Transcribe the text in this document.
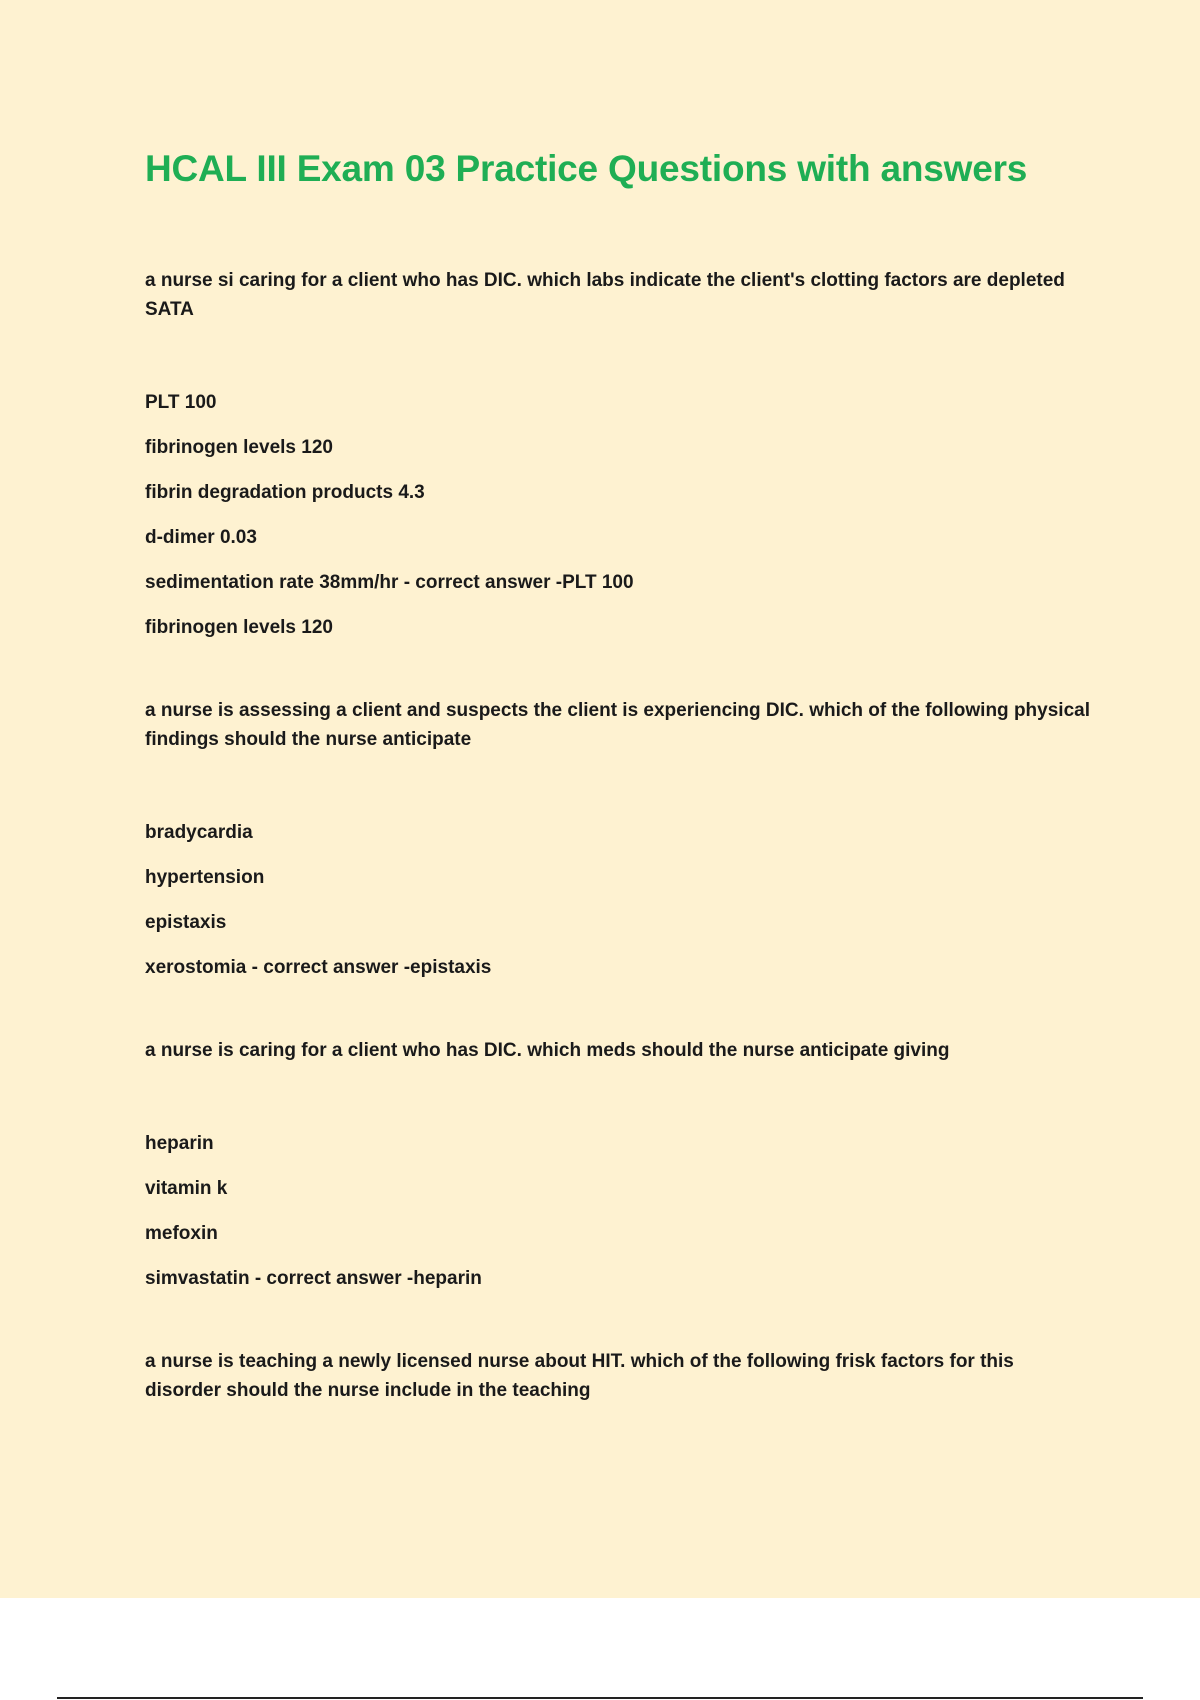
HCAL III Exam 03 Practice Questions with answers

a nurse si caring for a client who has DIC. which labs indicate the client's clotting factors are depleted SATA

PLT 100

fibrinogen levels 120

fibrin degradation products 4.3

d-dimer 0.03

sedimentation rate 38mm/hr - correct answer -PLT 100

fibrinogen levels 120

a nurse is assessing a client and suspects the client is experiencing DIC. which of the following physical findings should the nurse anticipate

bradycardia

hypertension

epistaxis

xerostomia - correct answer -epistaxis

a nurse is caring for a client who has DIC. which meds should the nurse anticipate giving

heparin

vitamin k

mefoxin

simvastatin - correct answer -heparin

a nurse is teaching a newly licensed nurse about HIT. which of the following frisk factors for this disorder should the nurse include in the teaching
